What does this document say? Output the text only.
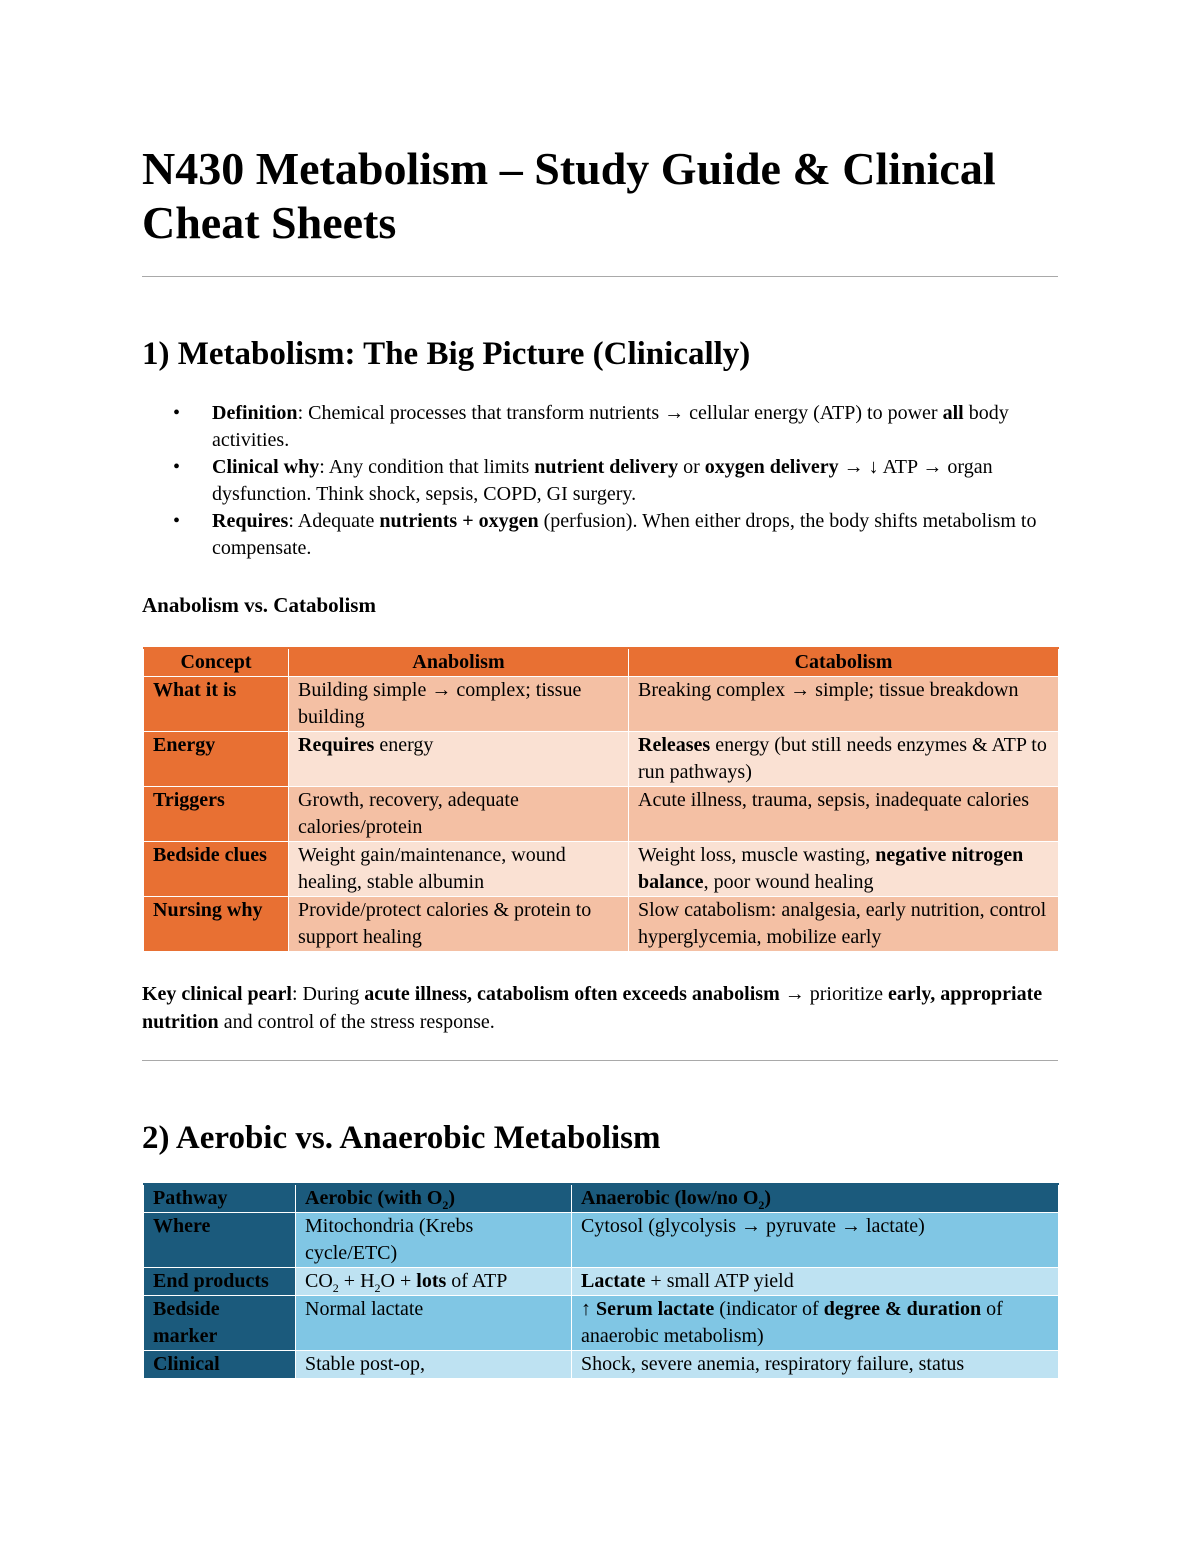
N430 Metabolism – Study Guide & Clinical Cheat Sheets
1) Metabolism: The Big Picture (Clinically)
• Definition: Chemical processes that transform nutrients → cellular energy (ATP) to power all body activities.
• Clinical why: Any condition that limits nutrient delivery or oxygen delivery → ↓ ATP → organ dysfunction. Think shock, sepsis, COPD, GI surgery.
• Requires: Adequate nutrients + oxygen (perfusion). When either drops, the body shifts metabolism to compensate.
Anabolism vs. Catabolism
Concept	Anabolism	Catabolism
What it is	Building simple → complex; tissue building	Breaking complex → simple; tissue breakdown
Energy	Requires energy	Releases energy (but still needs enzymes & ATP to run pathways)
Triggers	Growth, recovery, adequate calories/protein	Acute illness, trauma, sepsis, inadequate calories
Bedside clues	Weight gain/maintenance, wound healing, stable albumin	Weight loss, muscle wasting, negative nitrogen balance, poor wound healing
Nursing why	Provide/protect calories & protein to support healing	Slow catabolism: analgesia, early nutrition, control hyperglycemia, mobilize early

Key clinical pearl: During acute illness, catabolism often exceeds anabolism → prioritize early, appropriate nutrition and control of the stress response.

2) Aerobic vs. Anaerobic Metabolism
Pathway	Aerobic (with $O_2$)	Anaerobic (low/no $O_2$)
Where	Mitochondria (Krebs cycle/ETC)	Cytosol (glycolysis → pyruvate → lactate)
End products	$CO_2 + H_2O$ + lots of ATP	Lactate + small ATP yield
Bedside marker	Normal lactate	↑ Serum lactate (indicator of degree & duration of anaerobic metabolism)
Clinical	Stable post-op,	Shock, severe anemia, respiratory failure, status
